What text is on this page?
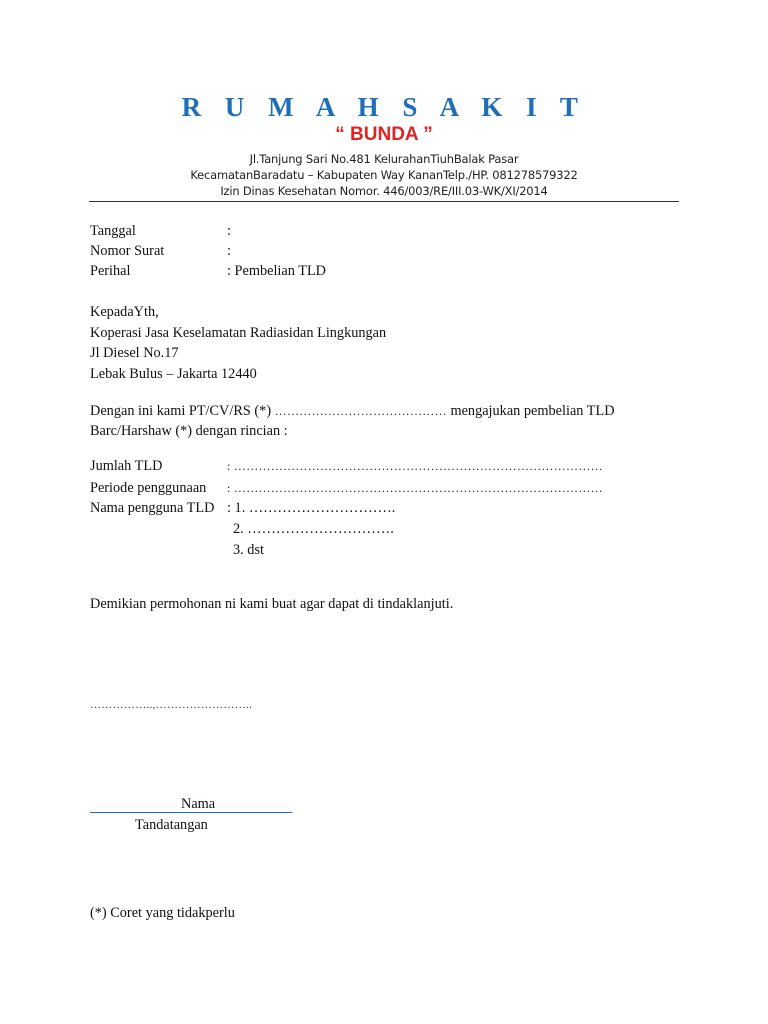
R U M A H S A K I T
“ BUNDA ”
Jl.Tanjung Sari No.481 KelurahanTiuhBalak Pasar
KecamatanBaradatu – Kabupaten Way KananTelp./HP. 081278579322
Izin Dinas Kesehatan Nomor. 446/003/RE/III.03-WK/XI/2014
Tanggal	:
Nomor Surat	:
Perihal	: Pembelian TLD
KepadaYth,
Koperasi Jasa Keselamatan Radiasidan Lingkungan
Jl Diesel No.17
Lebak Bulus – Jakarta 12440
Dengan ini kami PT/CV/RS (*) …………………………………… mengajukan pembelian TLD
Barc/Harshaw (*) dengan rincian :
Jumlah TLD	: ………………………………………………………………………………
Periode penggunaan : ………………………………………………………………………………
Nama pengguna TLD : 1. ………………………….
2. ………………………….
3. dst
Demikian permohonan ni kami buat agar dapat di tindaklanjuti.
……………..,……………………..
Nama
Tandatangan
(*) Coret yang tidakperlu
